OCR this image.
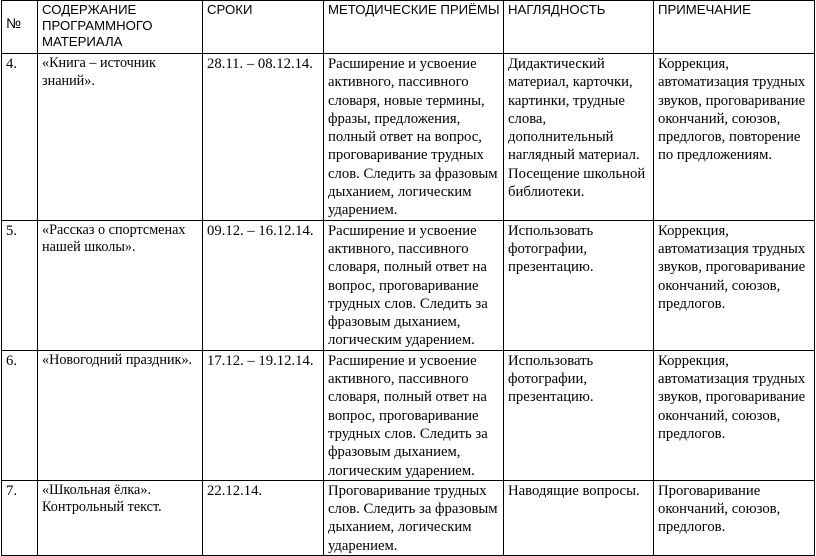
№	СОДЕРЖАНИЕ ПРОГРАММНОГО МАТЕРИАЛА	СРОКИ	МЕТОДИЧЕСКИЕ ПРИЁМЫ	НАГЛЯДНОСТЬ	ПРИМЕЧАНИЕ
4.	«Книга – источник знаний».	28.11. – 08.12.14.	Расширение и усвоение активного, пассивного словаря, новые термины, фразы, предложения, полный ответ на вопрос, проговаривание трудных слов. Следить за фразовым дыханием, логическим ударением.	Дидактический материал, карточки, картинки, трудные слова, дополнительный наглядный материал. Посещение школьной библиотеки.	Коррекция, автоматизация трудных звуков, проговаривание окончаний, союзов, предлогов, повторение по предложениям.
5.	«Рассказ о спортсменах нашей школы».	09.12. – 16.12.14.	Расширение и усвоение активного, пассивного словаря, полный ответ на вопрос, проговаривание трудных слов. Следить за фразовым дыханием, логическим ударением.	Использовать фотографии, презентацию.	Коррекция, автоматизация трудных звуков, проговаривание окончаний, союзов, предлогов.
6.	«Новогодний праздник».	17.12. – 19.12.14.	Расширение и усвоение активного, пассивного словаря, полный ответ на вопрос, проговаривание трудных слов. Следить за фразовым дыханием, логическим ударением.	Использовать фотографии, презентацию.	Коррекция, автоматизация трудных звуков, проговаривание окончаний, союзов, предлогов.
7.	«Школьная ёлка». Контрольный текст.	22.12.14.	Проговаривание трудных слов. Следить за фразовым дыханием, логическим ударением.	Наводящие вопросы.	Проговаривание окончаний, союзов, предлогов.
